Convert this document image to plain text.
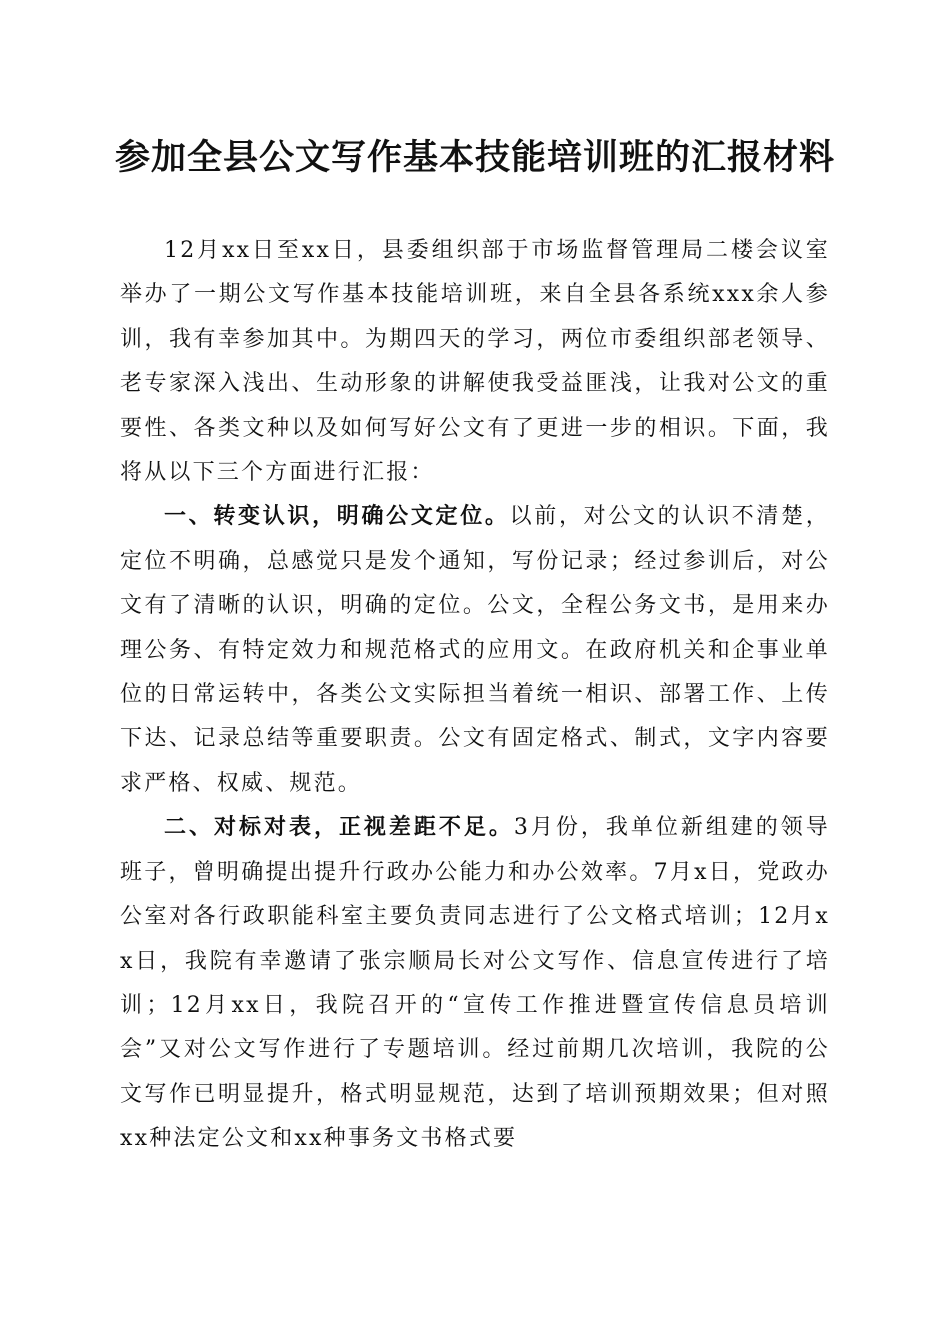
参加全县公文写作基本技能培训班的汇报材料

12月xx日至xx日，县委组织部于市场监督管理局二楼会议室举办了一期公文写作基本技能培训班，来自全县各系统xxx余人参训，我有幸参加其中。为期四天的学习，两位市委组织部老领导、老专家深入浅出、生动形象的讲解使我受益匪浅，让我对公文的重要性、各类文种以及如何写好公文有了更进一步的相识。下面，我将从以下三个方面进行汇报：

一、转变认识，明确公文定位。以前，对公文的认识不清楚，定位不明确，总感觉只是发个通知，写份记录；经过参训后，对公文有了清晰的认识，明确的定位。公文，全程公务文书，是用来办理公务、有特定效力和规范格式的应用文。在政府机关和企事业单位的日常运转中，各类公文实际担当着统一相识、部署工作、上传下达、记录总结等重要职责。公文有固定格式、制式，文字内容要求严格、权威、规范。

二、对标对表，正视差距不足。3月份，我单位新组建的领导班子，曾明确提出提升行政办公能力和办公效率。7月x日，党政办公室对各行政职能科室主要负责同志进行了公文格式培训；12月xx日，我院有幸邀请了张宗顺局长对公文写作、信息宣传进行了培训；12月xx日，我院召开的“宣传工作推进暨宣传信息员培训会”又对公文写作进行了专题培训。经过前期几次培训，我院的公文写作已明显提升，格式明显规范，达到了培训预期效果；但对照xx种法定公文和xx种事务文书格式要
